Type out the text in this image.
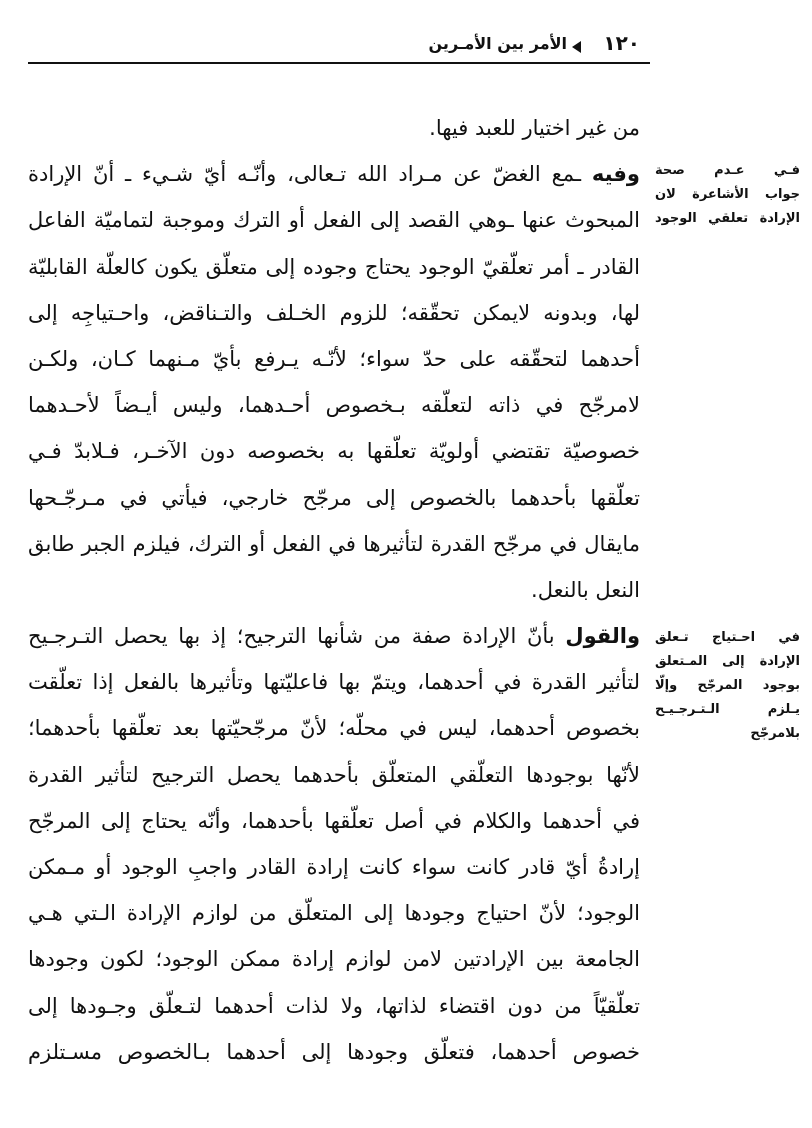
١٢٠
الأمر بين الأمـرين
من غير اختيار للعبد فيها.
وفيه ـمع الغضّ عن مـراد الله تـعالى، وأنّـه أيّ شـيء ـ أنّ الإرادة
المبحوث عنها ـوهي القصد إلى الفعل أو الترك وموجبة لتماميّة الفاعل
القادر ـ أمر تعلّقيّ الوجود يحتاج وجوده إلى متعلّق يكون كالعلّة القابليّة
لها، وبدونه لايمكن تحقّقه؛ للزوم الخـلف والتـناقض، واحـتياجِه إلى
أحدهما لتحقّقه على حدّ سواء؛ لأنّـه يـرفع بأيّ مـنهما كـان، ولكـن
لامرجّح في ذاته لتعلّقه بـخصوص أحـدهما، وليس أيـضاً لأحـدهما
خصوصيّة تقتضي أولويّة تعلّقها به بخصوصه دون الآخـر، فـلابدّ فـي
تعلّقها بأحدهما بالخصوص إلى مرجّح خارجي، فيأتي في مـرجّـحها
مايقال في مرجّح القدرة لتأثيرها في الفعل أو الترك، فيلزم الجبر طابق
النعل بالنعل.
والقول بأنّ الإرادة صفة من شأنها الترجيح؛ إذ بها يحصل التـرجـيح
لتأثير القدرة في أحدهما، ويتمّ بها فاعليّتها وتأثيرها بالفعل إذا تعلّقت
بخصوص أحدهما، ليس في محلّه؛ لأنّ مرجّحيّتها بعد تعلّقها بأحدهما؛
لأنّها بوجودها التعلّقي المتعلّق بأحدهما يحصل الترجيح لتأثير القدرة
في أحدهما والكلام في أصل تعلّقها بأحدهما، وأنّه يحتاج إلى المرجّح
إرادةُ أيّ قادر كانت سواء كانت إرادة القادر واجبِ الوجود أو مـمكن
الوجود؛ لأنّ احتياج وجودها إلى المتعلّق من لوازم الإرادة الـتي هـي
الجامعة بين الإرادتين لامن لوازم إرادة ممكن الوجود؛ لكون وجودها
تعلّقيّاً من دون اقتضاء لذاتها، ولا لذات أحدهما لتـعلّق وجـودها إلى
خصوص أحدهما، فتعلّق وجودها إلى أحدهما بـالخصوص مسـتلزم
فـي عـدم صحة
جواب الأشاعرة لان
الإرادة تعلقي الوجود
في احـتياج تـعلق
الإرادة إلى المـتعلق
بوجود المرجّح وإلّا
يـلزم الـتـرجـيـح
بلامرجّح
